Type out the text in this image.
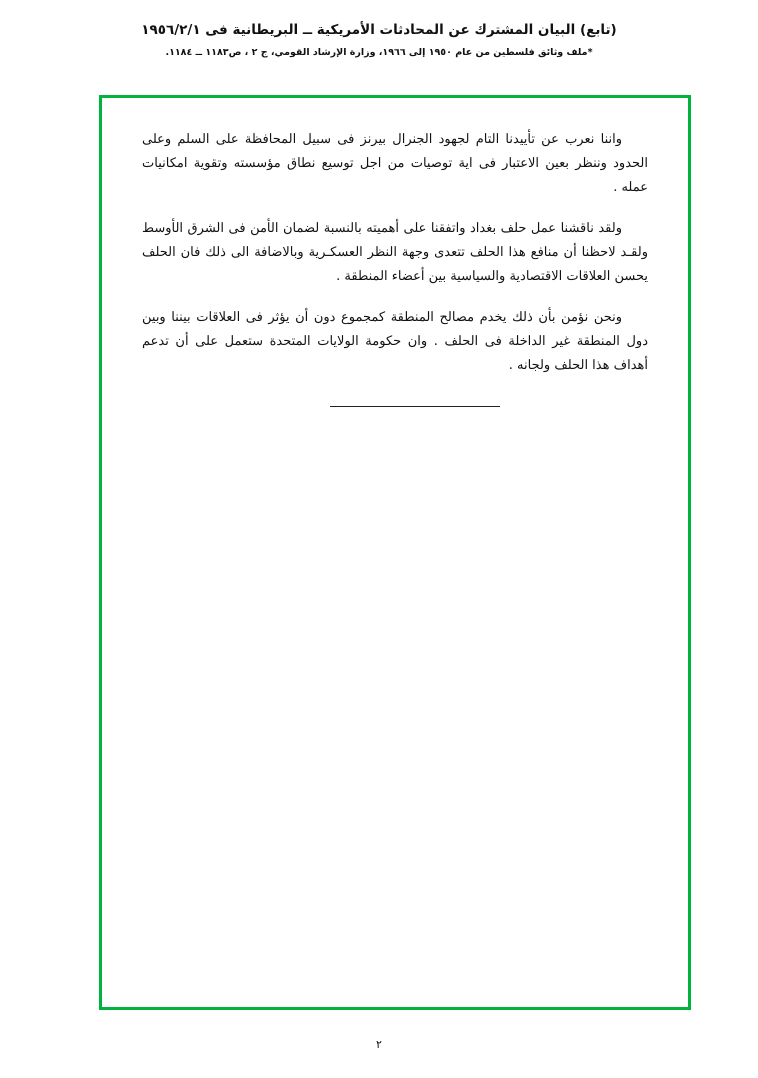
(تابع) البيان المشترك عن المحادثات الأمريكية ــ البريطانية فى ١٩٥٦/٢/١
*ملف وثائق فلسطين من عام ١٩٥٠ إلى ١٩٦٦، وزارة الإرشاد القومي، ج ٢ ، ص١١٨٣ ــ ١١٨٤.

واننا نعرب عن تأييدنا التام لجهود الجنرال بيرنز فى سبيل المحافظة على السلم وعلى الحدود وننظر بعين الاعتبار فى اية توصيات من اجل توسيع نطاق مؤسسته وتقوية امكانيات عمله .

ولقد ناقشنا عمل حلف بغداد واتفقنا على أهميته بالنسبة لضمان الأمن فى الشرق الأوسط ولقـد لاحظنا أن منافع هذا الحلف تتعدى وجهة النظر العسكـرية وبالاضافة الى ذلك فان الحلف يحسن العلاقات الاقتصادية والسياسية بين أعضاء المنطقة .

ونحن نؤمن بأن ذلك يخدم مصالح المنطقة كمجموع دون أن يؤثر فى العلاقات بيننا وبين دول المنطقة غير الداخلة فى الحلف . وان حكومة الولايات المتحدة ستعمل على أن تدعم أهداف هذا الحلف ولجانه .

٢
